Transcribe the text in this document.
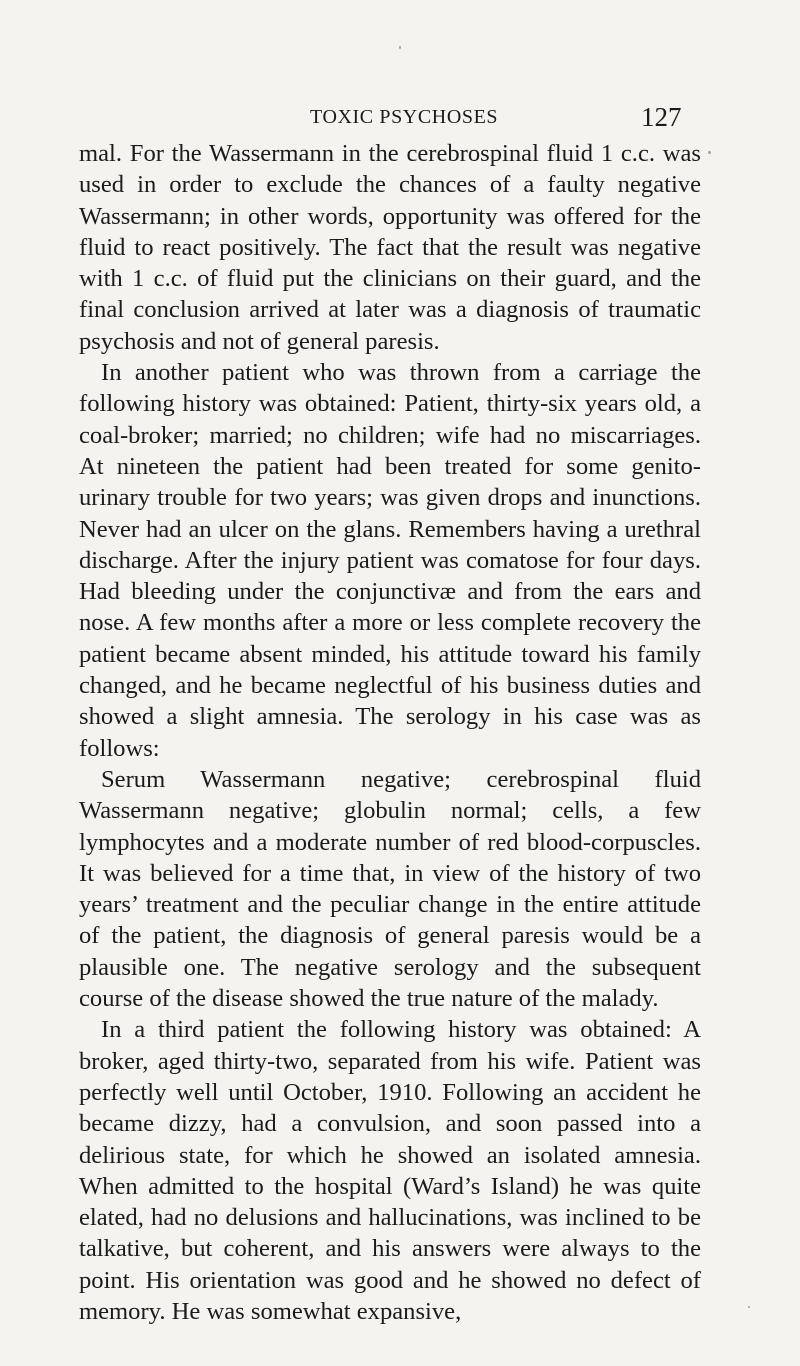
TOXIC PSYCHOSES	127

mal. For the Wassermann in the cerebrospinal fluid 1 c.c. was used in order to exclude the chances of a faulty negative Wassermann; in other words, opportunity was offered for the fluid to react positively. The fact that the result was negative with 1 c.c. of fluid put the clinicians on their guard, and the final conclusion arrived at later was a diagnosis of traumatic psychosis and not of general paresis.

In another patient who was thrown from a carriage the following history was obtained: Patient, thirty-six years old, a coal-broker; married; no children; wife had no miscarriages. At nineteen the patient had been treated for some genito-urinary trouble for two years; was given drops and inunctions. Never had an ulcer on the glans. Remembers having a urethral discharge. After the injury patient was comatose for four days. Had bleeding under the conjunctivæ and from the ears and nose. A few months after a more or less complete recovery the patient became absent minded, his attitude toward his family changed, and he became neglectful of his business duties and showed a slight amnesia. The serology in his case was as follows:

Serum Wassermann negative; cerebrospinal fluid Wassermann negative; globulin normal; cells, a few lymphocytes and a moderate number of red blood-corpuscles. It was believed for a time that, in view of the history of two years’ treatment and the peculiar change in the entire attitude of the patient, the diagnosis of general paresis would be a plausible one. The negative serology and the subsequent course of the disease showed the true nature of the malady.

In a third patient the following history was obtained: A broker, aged thirty-two, separated from his wife. Patient was perfectly well until October, 1910. Following an accident he became dizzy, had a convulsion, and soon passed into a delirious state, for which he showed an isolated amnesia. When admitted to the hospital (Ward’s Island) he was quite elated, had no delusions and hallucinations, was inclined to be talkative, but coherent, and his answers were always to the point. His orientation was good and he showed no defect of memory. He was somewhat expansive,
